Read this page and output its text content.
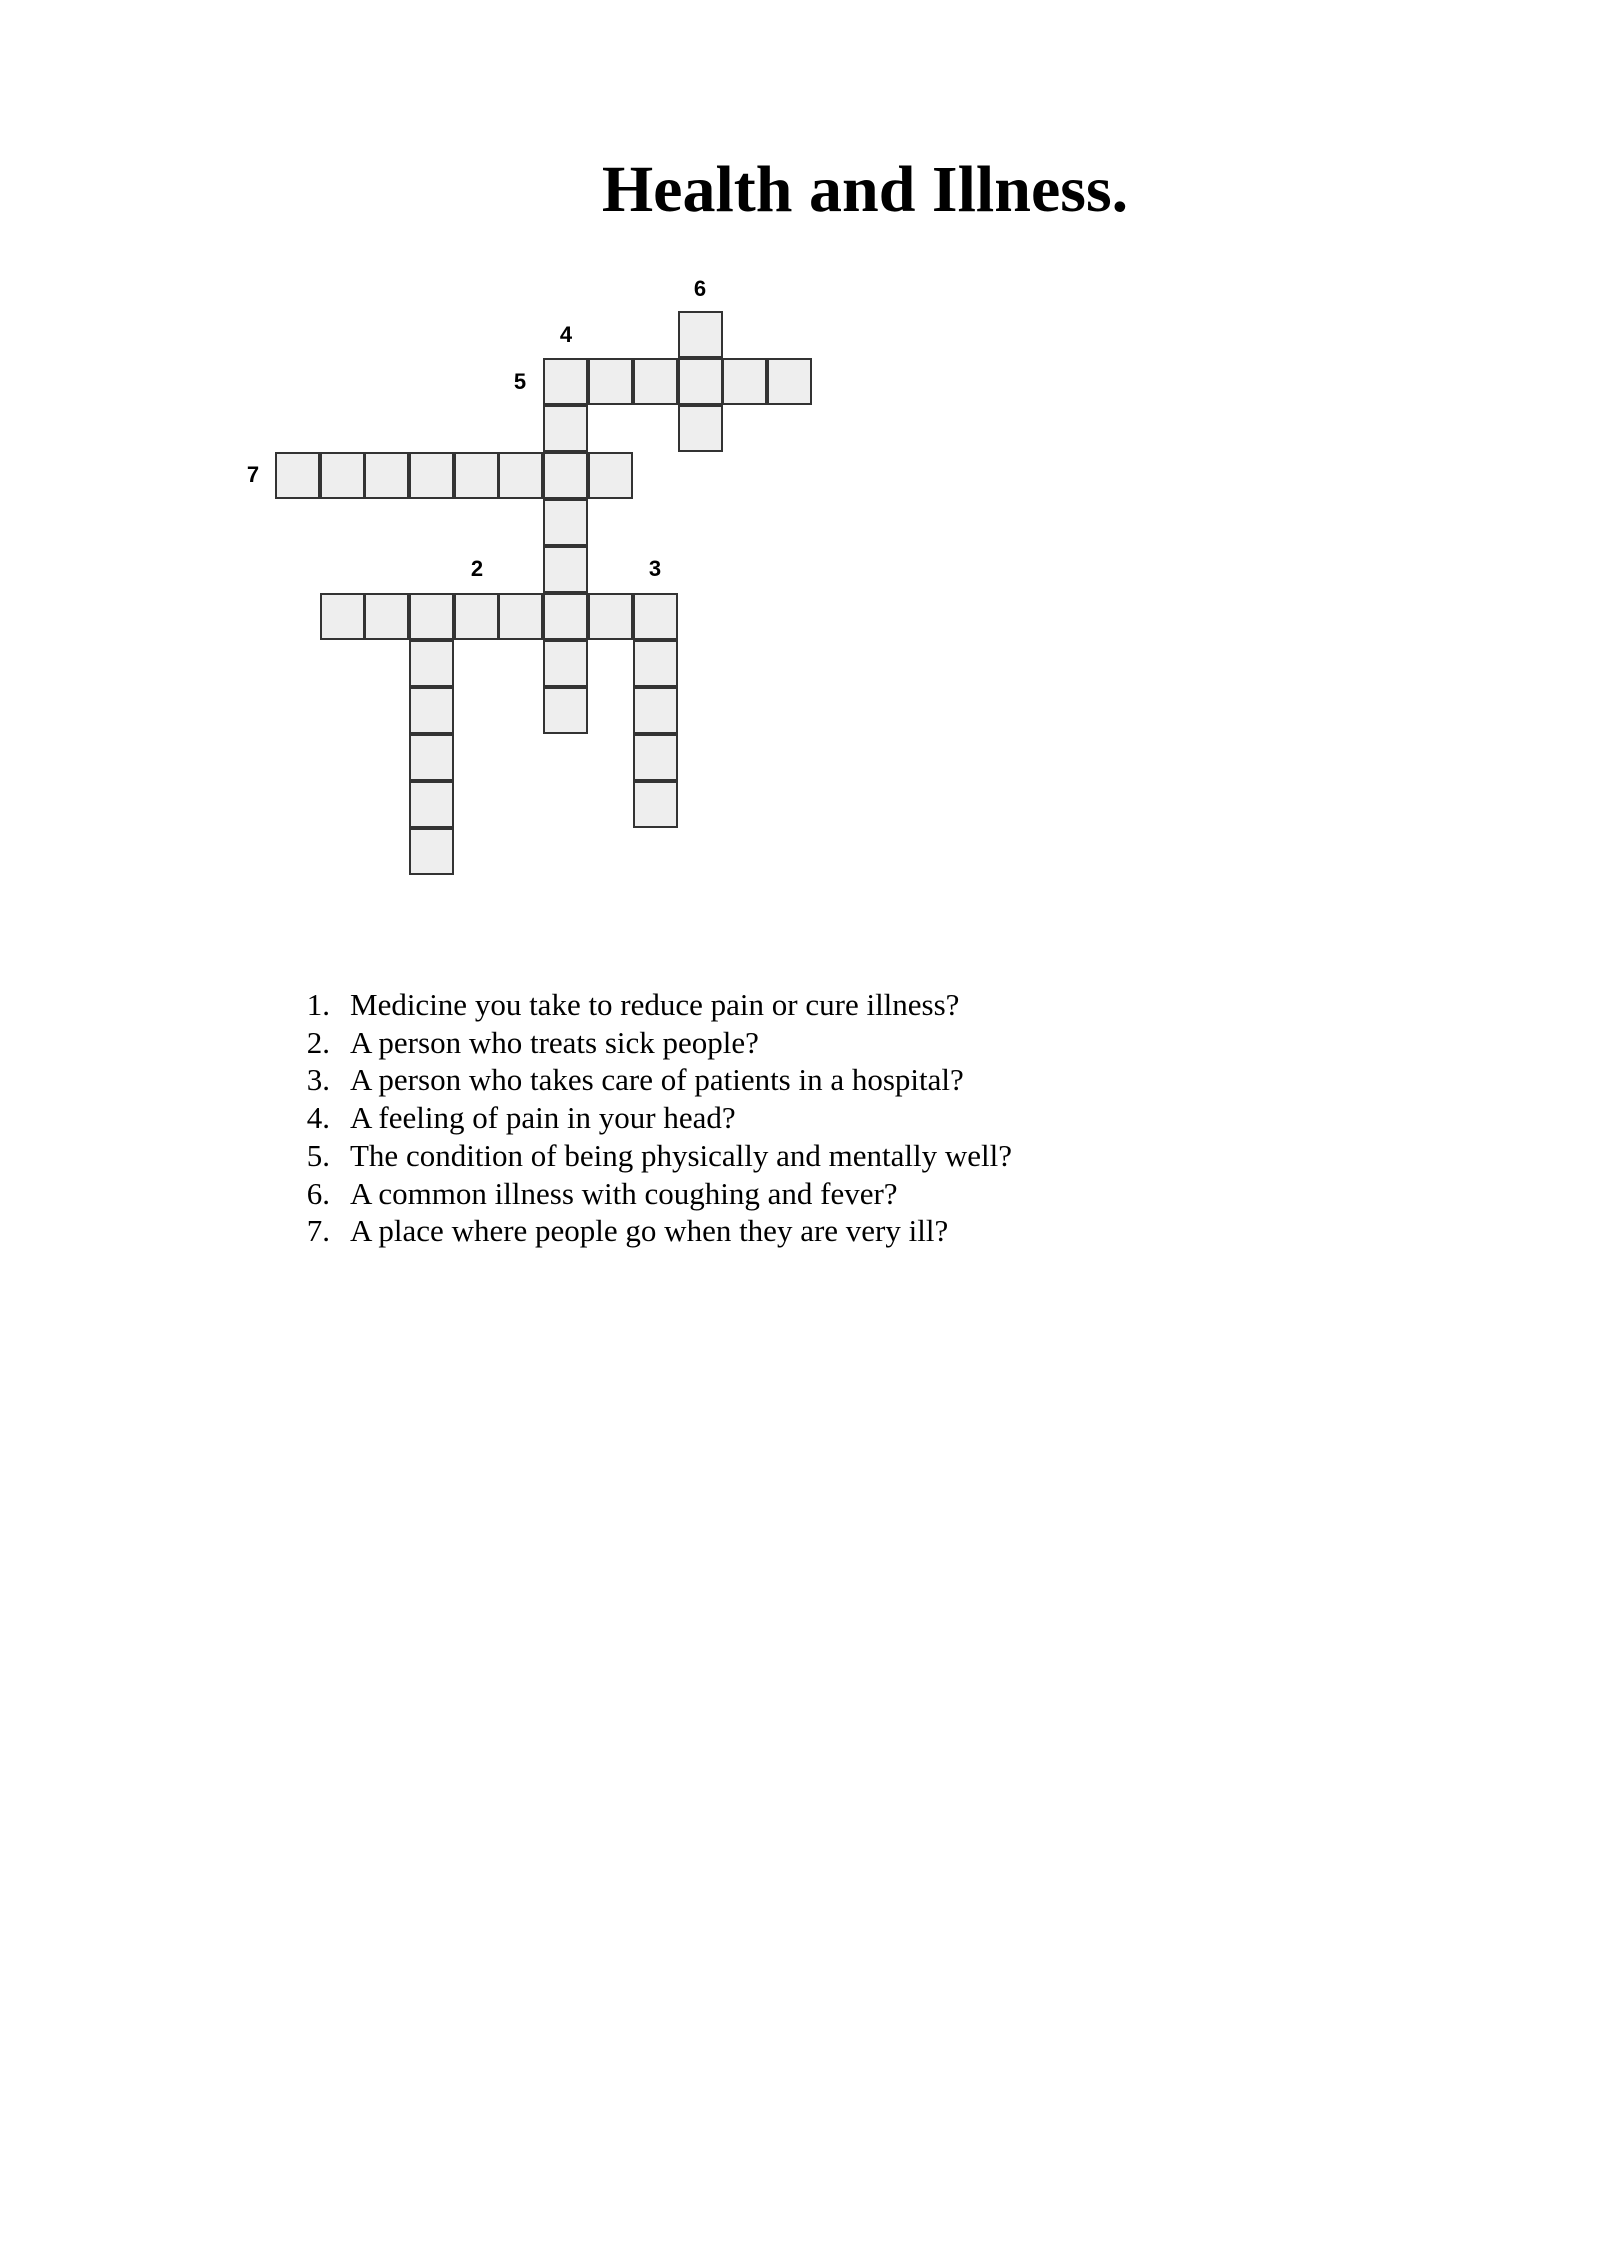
Health and Illness.
6
4
5
7
2	3
1. Medicine you take to reduce pain or cure illness?
2. A person who treats sick people?
3. A person who takes care of patients in a hospital?
4. A feeling of pain in your head?
5. The condition of being physically and mentally well?
6. A common illness with coughing and fever?
7. A place where people go when they are very ill?
